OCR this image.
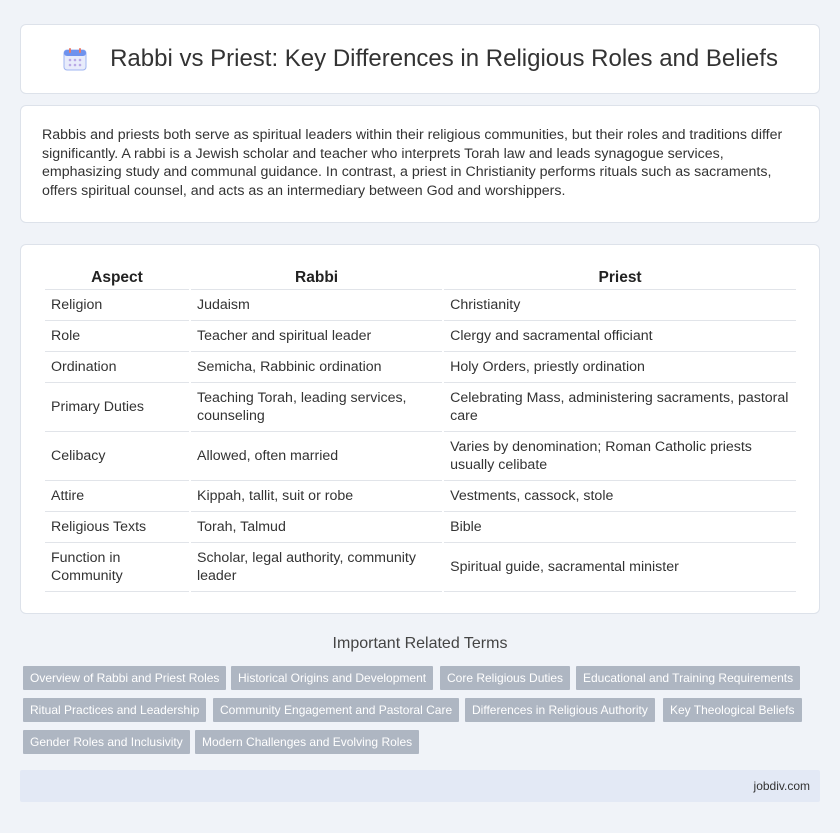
Rabbi vs Priest: Key Differences in Religious Roles and Beliefs

Rabbis and priests both serve as spiritual leaders within their religious communities, but their roles and traditions differ significantly. A rabbi is a Jewish scholar and teacher who interprets Torah law and leads synagogue services, emphasizing study and communal guidance. In contrast, a priest in Christianity performs rituals such as sacraments, offers spiritual counsel, and acts as an intermediary between God and worshippers.

Aspect	Rabbi	Priest
Religion	Judaism	Christianity
Role	Teacher and spiritual leader	Clergy and sacramental officiant
Ordination	Semicha, Rabbinic ordination	Holy Orders, priestly ordination
Primary Duties	Teaching Torah, leading services, counseling	Celebrating Mass, administering sacraments, pastoral care
Celibacy	Allowed, often married	Varies by denomination; Roman Catholic priests usually celibate
Attire	Kippah, tallit, suit or robe	Vestments, cassock, stole
Religious Texts	Torah, Talmud	Bible
Function in Community	Scholar, legal authority, community leader	Spiritual guide, sacramental minister
Important Related Terms
Overview of Rabbi and Priest Roles	Historical Origins and Development	Core Religious Duties	Educational and Training Requirements
Ritual Practices and Leadership	Community Engagement and Pastoral Care	Differences in Religious Authority	Key Theological Beliefs
Gender Roles and Inclusivity	Modern Challenges and Evolving Roles
jobdiv.com
